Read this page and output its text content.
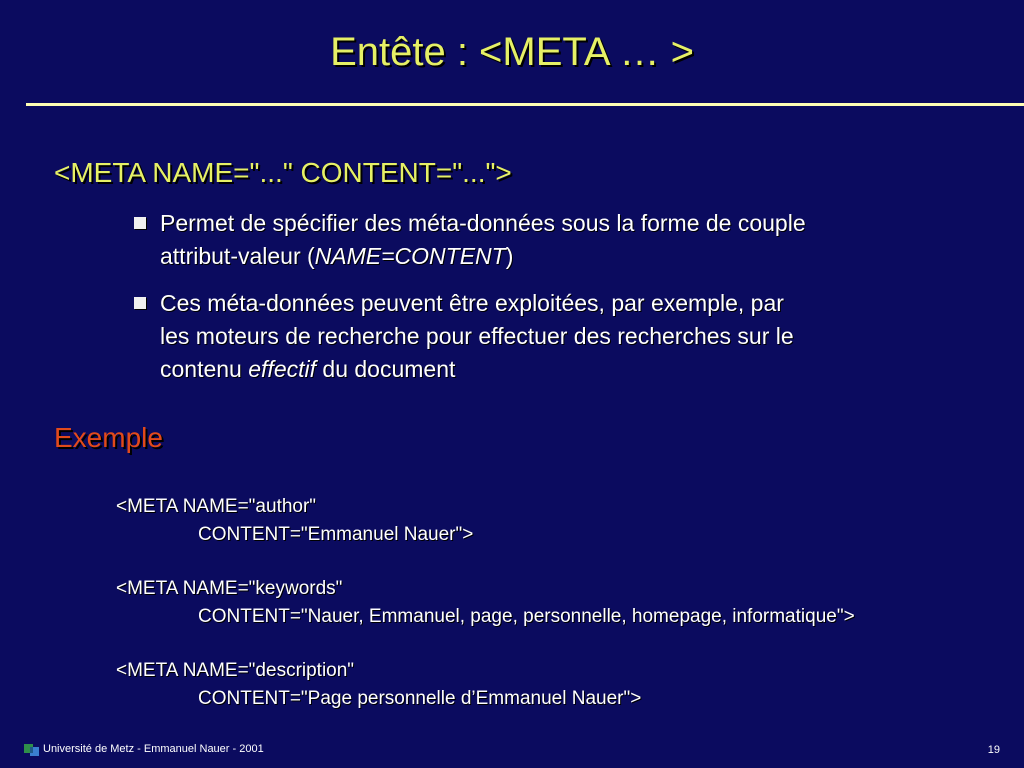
Entête : <META … >
<META NAME="..." CONTENT="...">
Permet de spécifier des méta-données sous la forme de couple
attribut-valeur (NAME=CONTENT)
Ces méta-données peuvent être exploitées, par exemple, par
les moteurs de recherche pour effectuer des recherches sur le
contenu effectif du document
Exemple
<META NAME="author"
CONTENT="Emmanuel Nauer">
<META NAME="keywords"
CONTENT="Nauer, Emmanuel, page, personnelle, homepage, informatique">
<META NAME="description"
CONTENT="Page personnelle d’Emmanuel Nauer">
Université de Metz - Emmanuel Nauer - 2001	19
